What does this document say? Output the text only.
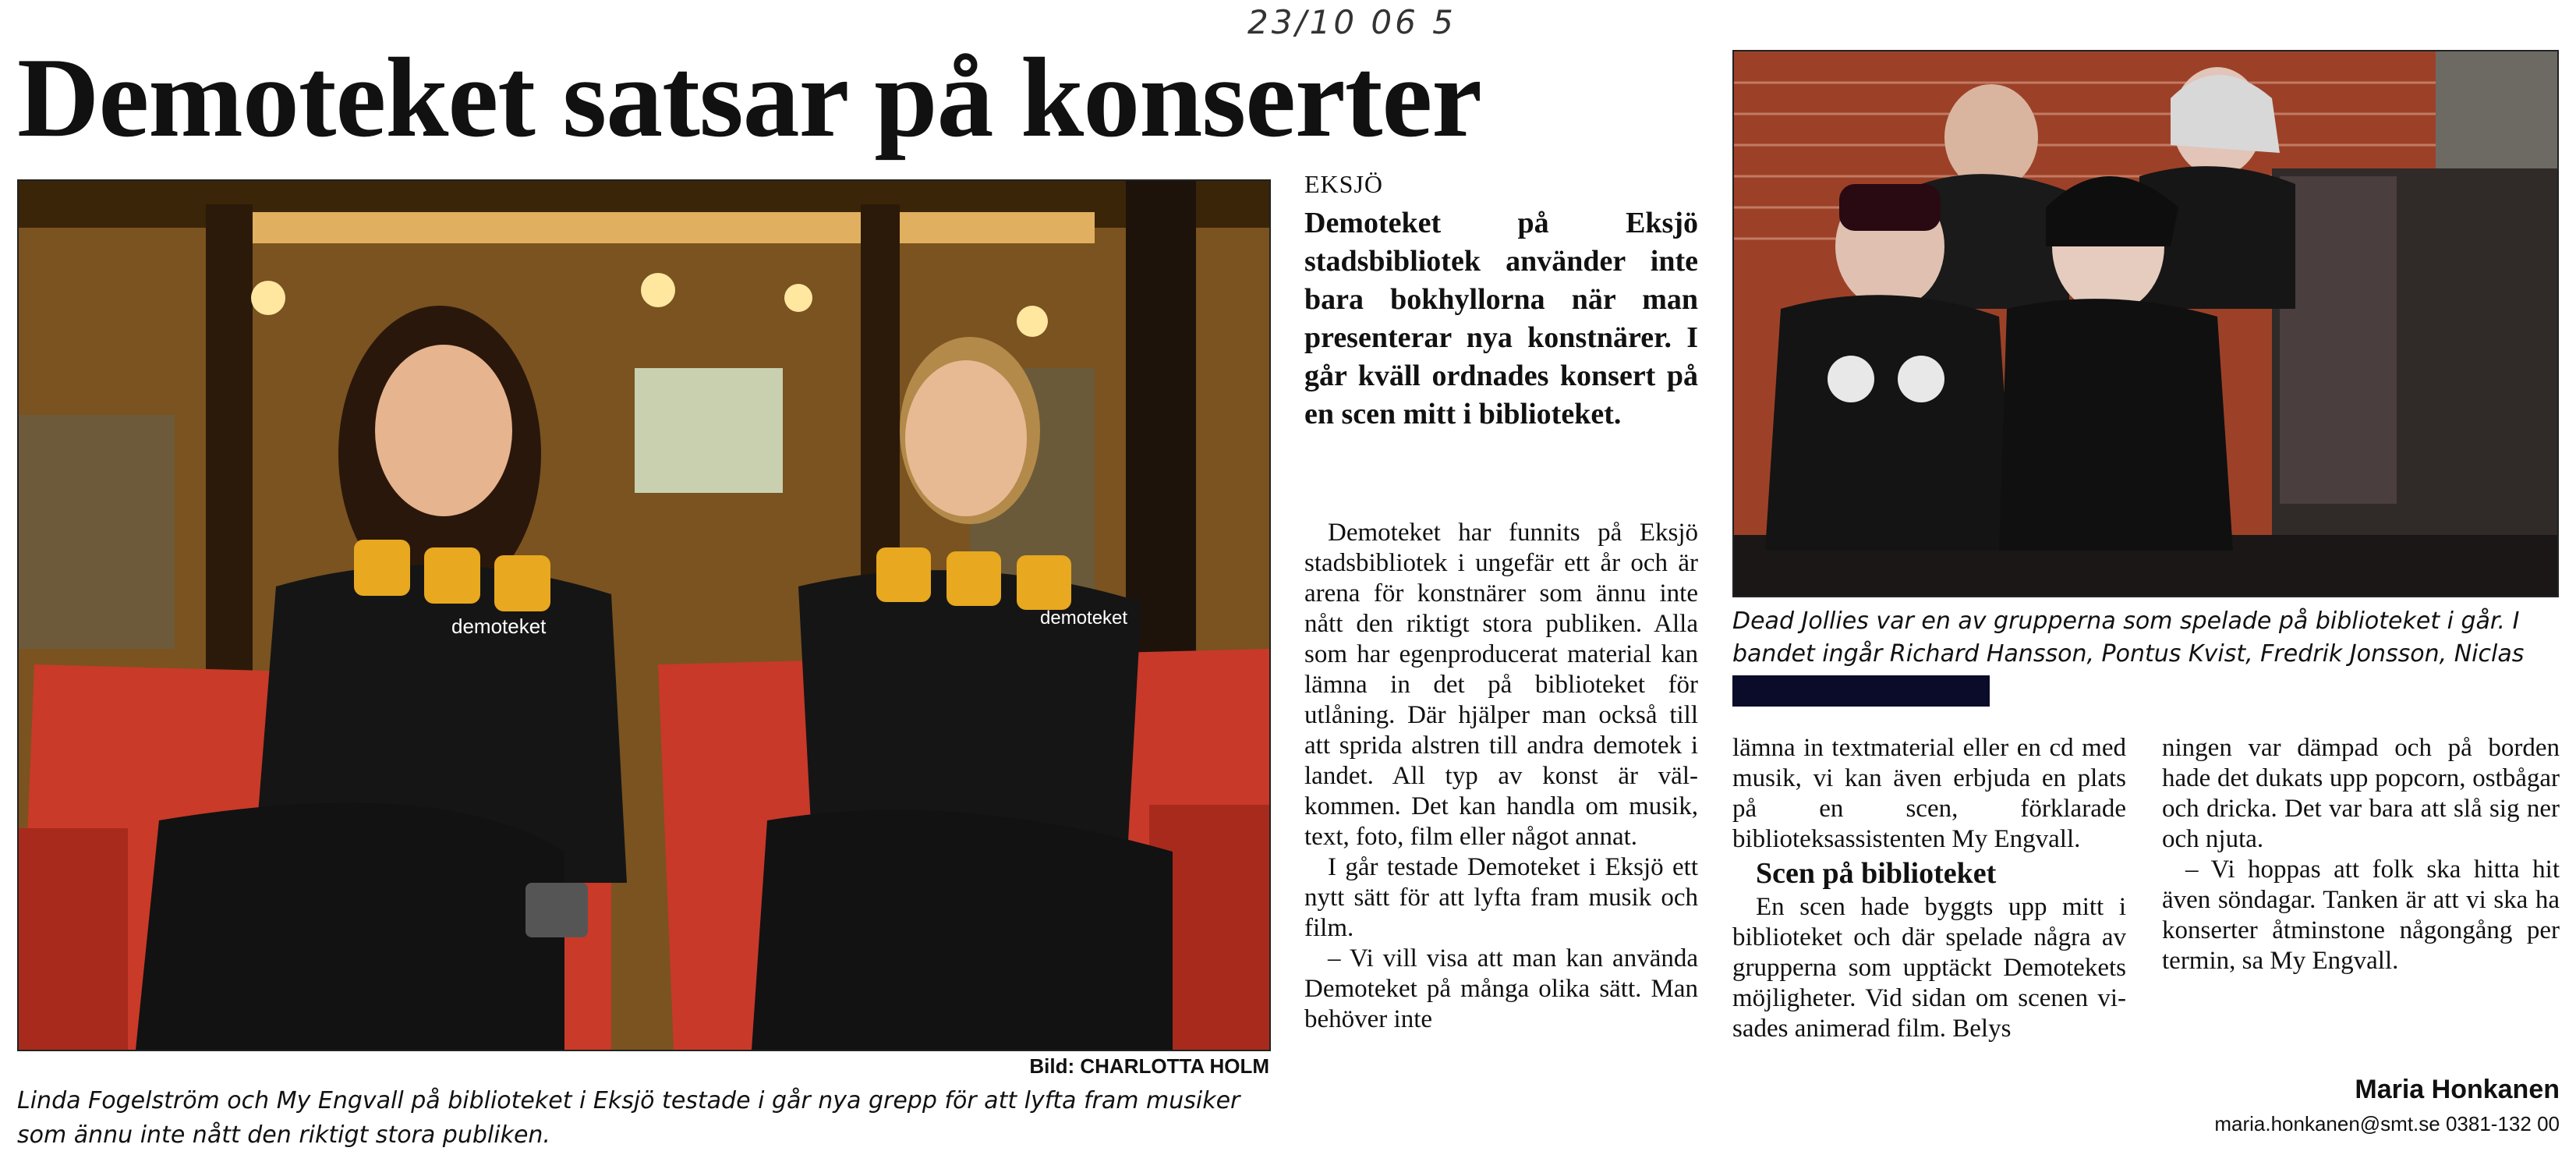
23/10 06 5
Demoteket satsar på konserter
demoteket	demoteket
Bild: CHARLOTTA HOLM
Linda Fogelström och My Engvall på biblioteket i Eksjö testade i går nya grepp för att lyfta fram musiker som ännu inte nått den riktigt stora publiken.
Dead Jollies var en av grupperna som spelade på biblioteket i går. I bandet ingår Richard Hansson, Pontus Kvist, Fredrik Jonsson, Niclas
EKSJÖ
Demoteket på Eksjö stadsbibliotek använder inte bara bokhyllorna när man presenterar nya konstnärer. I går kväll ordnades konsert på en scen mitt i biblioteket.

Demoteket har funnits på Eksjö stadsbibliotek i ungefär ett år och är arena för konstnärer som ännu inte nått den riktigt stora publiken. Alla som har egenproducerat material kan lämna in det på biblioteket för utlåning. Där hjälper man också till att sprida alstren till andra demotek i landet. All typ av konst är välkommen. Det kan handla om musik, text, foto, film eller något annat.

I går testade Demoteket i Eksjö ett nytt sätt för att lyfta fram musik och film.

– Vi vill visa att man kan använda Demoteket på många olika sätt. Man behöver inte

lämna in textmaterial eller en cd med musik, vi kan även erbjuda en plats på en scen, förklarade biblioteksassistenten My Engvall.

Scen på biblioteket

En scen hade byggts upp mitt i biblioteket och där spelade några av grupperna som upptäckt Demotekets möjligheter. Vid sidan om scenen visades animerad film. Belys

ningen var dämpad och på borden hade det dukats upp popcorn, ostbågar och dricka. Det var bara att slå sig ner och njuta.

– Vi hoppas att folk ska hitta hit även söndagar. Tanken är att vi ska ha konserter åtminstone någongång per termin, sa My Engvall.

Maria Honkanen
maria.honkanen@smt.se 0381-132 00
